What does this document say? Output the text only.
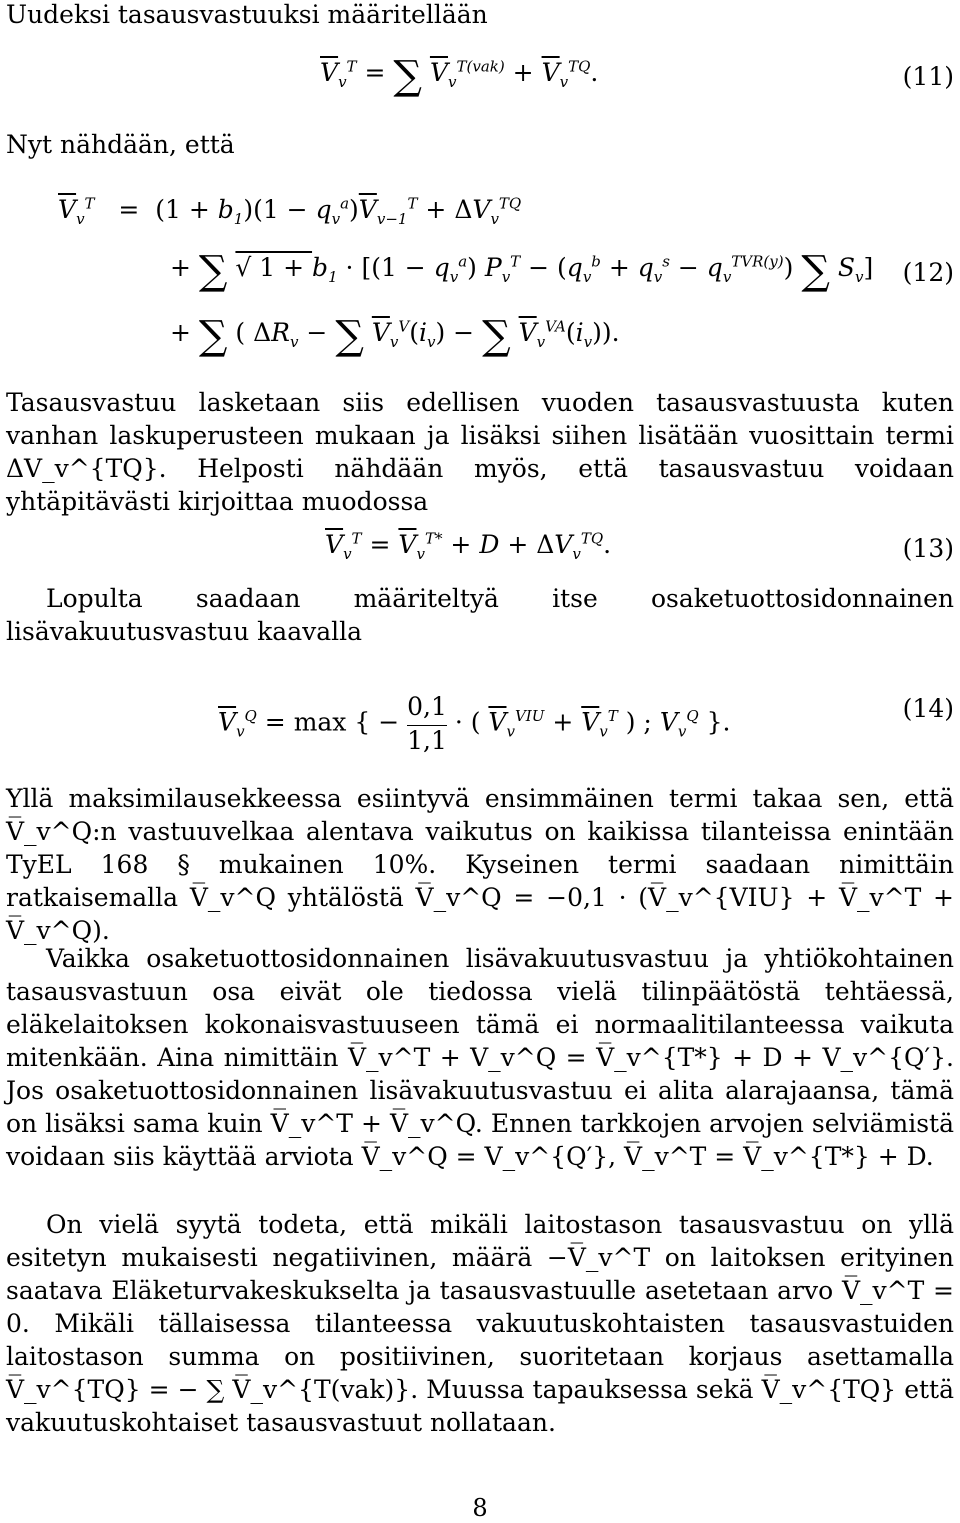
Uudeksi tasausvastuuksi määritellään
$\overline{V}_v^T$ = ∑ $\overline{V}_v^{T(vak)} + \overline{V}_v^{TQ}$.	(11)
Nyt nähdään, että
$\overline{V}_v^T = (1 + b_1)(1 - q_v^a)\overline{V}_{v-1}^T + \Delta V_v^{TQ}$
+ ∑ √ $1 + b_1 \cdot [(1 - q_v^a) P_v^T - (q_v^b + q_v^s - q_v^{TVR(y)})$ ∑ $S_v$] (12)
+ ∑ ( $\Delta R_v$ − ∑ $\overline{V}_v^V(i_v)$ − ∑ $\overline{V}_v^{VA}(i_v)$).
Tasausvastuu lasketaan siis edellisen vuoden tasausvastuusta kuten vanhan laskuperusteen mukaan ja lisäksi siihen lisätään vuosittain termi ΔV_v^{TQ}. Helposti nähdään myös, että tasausvastuu voidaan yhtäpitävästi kirjoittaa muodossa
$\overline{V}_v^T = \overline{V}_v^{T*} + D + \Delta V_v^{TQ}$.	(13)
Lopulta saadaan määriteltyä itse osaketuottosidonnainen lisävakuutusvastuu kaavalla
$\overline{V}_v^Q = \max$ { − 0,1
1,1 · ( $\overline{V}_v^{VIU} + \overline{V}_v^T$ ) ; $V_v^Q$ }.	(14)
Yllä maksimilausekkeessa esiintyvä ensimmäinen termi takaa sen, että V̅_v^Q:n vastuuvelkaa alentava vaikutus on kaikissa tilanteissa enintään TyEL 168 § mukainen 10%. Kyseinen termi saadaan nimittäin ratkaisemalla V̅_v^Q yhtälöstä V̅_v^Q = −0,1 · (V̅_v^{VIU} + V̅_v^T + V̅_v^Q).
Vaikka osaketuottosidonnainen lisävakuutusvastuu ja yhtiökohtainen tasausvastuun osa eivät ole tiedossa vielä tilinpäätöstä tehtäessä, eläkelaitoksen kokonaisvastuuseen tämä ei normaalitilanteessa vaikuta mitenkään. Aina nimittäin V̅_v^T + V_v^Q = V̅_v^{T*} + D + V_v^{Q′}. Jos osaketuottosidonnainen lisävakuutusvastuu ei alita alarajaansa, tämä on lisäksi sama kuin V̅_v^T + V̅_v^Q. Ennen tarkkojen arvojen selviämistä voidaan siis käyttää arviota V̅_v^Q = V_v^{Q′}, V̅_v^T = V̅_v^{T*} + D.
On vielä syytä todeta, että mikäli laitostason tasausvastuu on yllä esitetyn mukaisesti negatiivinen, määrä −V̅_v^T on laitoksen erityinen saatava Eläketurvakeskukselta ja tasausvastuulle asetetaan arvo V̅_v^T = 0. Mikäli tällaisessa tilanteessa vakuutuskohtaisten tasausvastuiden laitostason summa on positiivinen, suoritetaan korjaus asettamalla V̅_v^{TQ} = − ∑ V̅_v^{T(vak)}. Muussa tapauksessa sekä V̅_v^{TQ} että vakuutuskohtaiset tasausvastuut nollataan.
8
